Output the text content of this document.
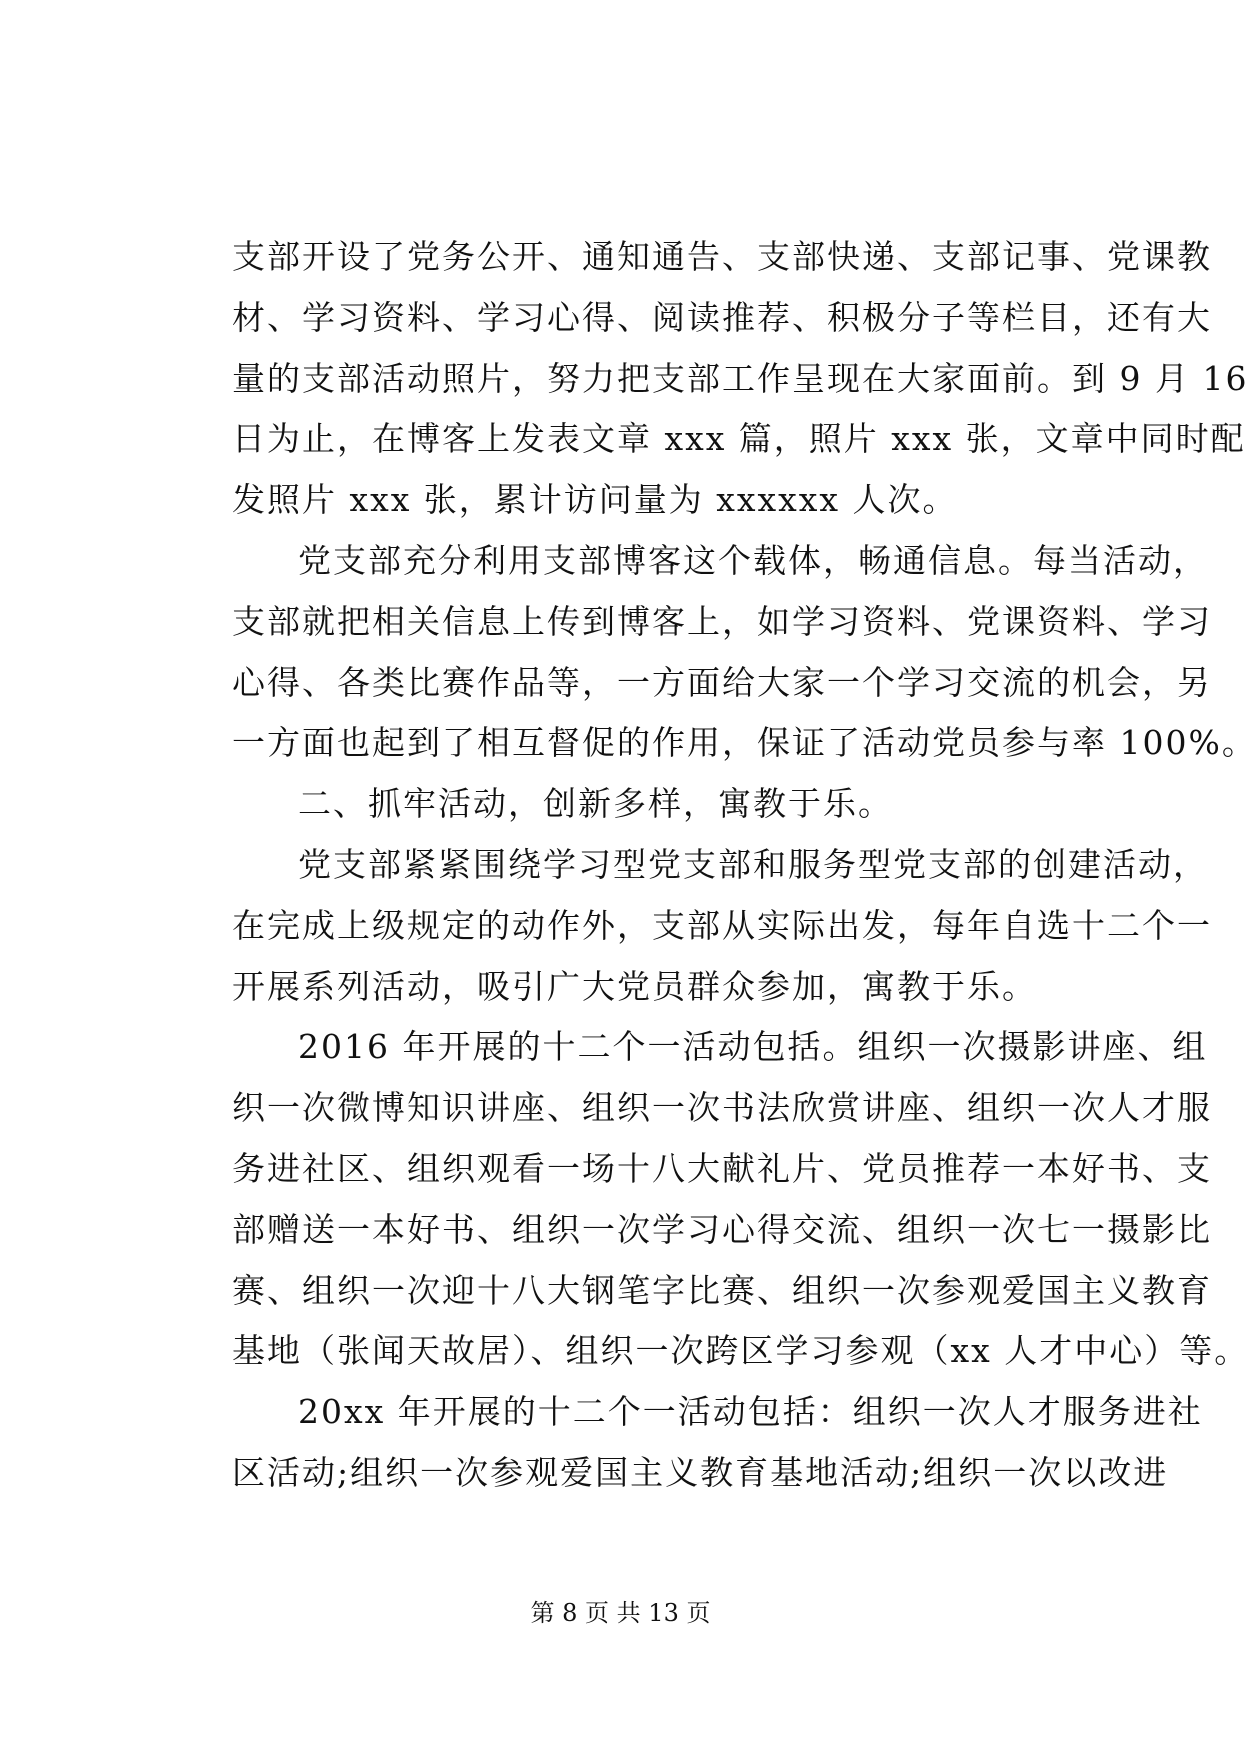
支部开设了党务公开、通知通告、支部快递、支部记事、党课教
材、学习资料、学习心得、阅读推荐、积极分子等栏目，还有大
量的支部活动照片，努力把支部工作呈现在大家面前。到 9 月 16
日为止，在博客上发表文章 xxx 篇，照片 xxx 张，文章中同时配
发照片 xxx 张，累计访问量为 xxxxxx 人次。
党支部充分利用支部博客这个载体，畅通信息。每当活动，
支部就把相关信息上传到博客上，如学习资料、党课资料、学习
心得、各类比赛作品等，一方面给大家一个学习交流的机会，另
一方面也起到了相互督促的作用，保证了活动党员参与率 100%。
二、抓牢活动，创新多样，寓教于乐。
党支部紧紧围绕学习型党支部和服务型党支部的创建活动，
在完成上级规定的动作外，支部从实际出发，每年自选十二个一
开展系列活动，吸引广大党员群众参加，寓教于乐。
2016 年开展的十二个一活动包括。组织一次摄影讲座、组
织一次微博知识讲座、组织一次书法欣赏讲座、组织一次人才服
务进社区、组织观看一场十八大献礼片、党员推荐一本好书、支
部赠送一本好书、组织一次学习心得交流、组织一次七一摄影比
赛、组织一次迎十八大钢笔字比赛、组织一次参观爱国主义教育
基地（张闻天故居）、组织一次跨区学习参观（xx 人才中心）等。
20xx 年开展的十二个一活动包括：组织一次人才服务进社
区活动;组织一次参观爱国主义教育基地活动;组织一次以改进
第 8 页 共 13 页
